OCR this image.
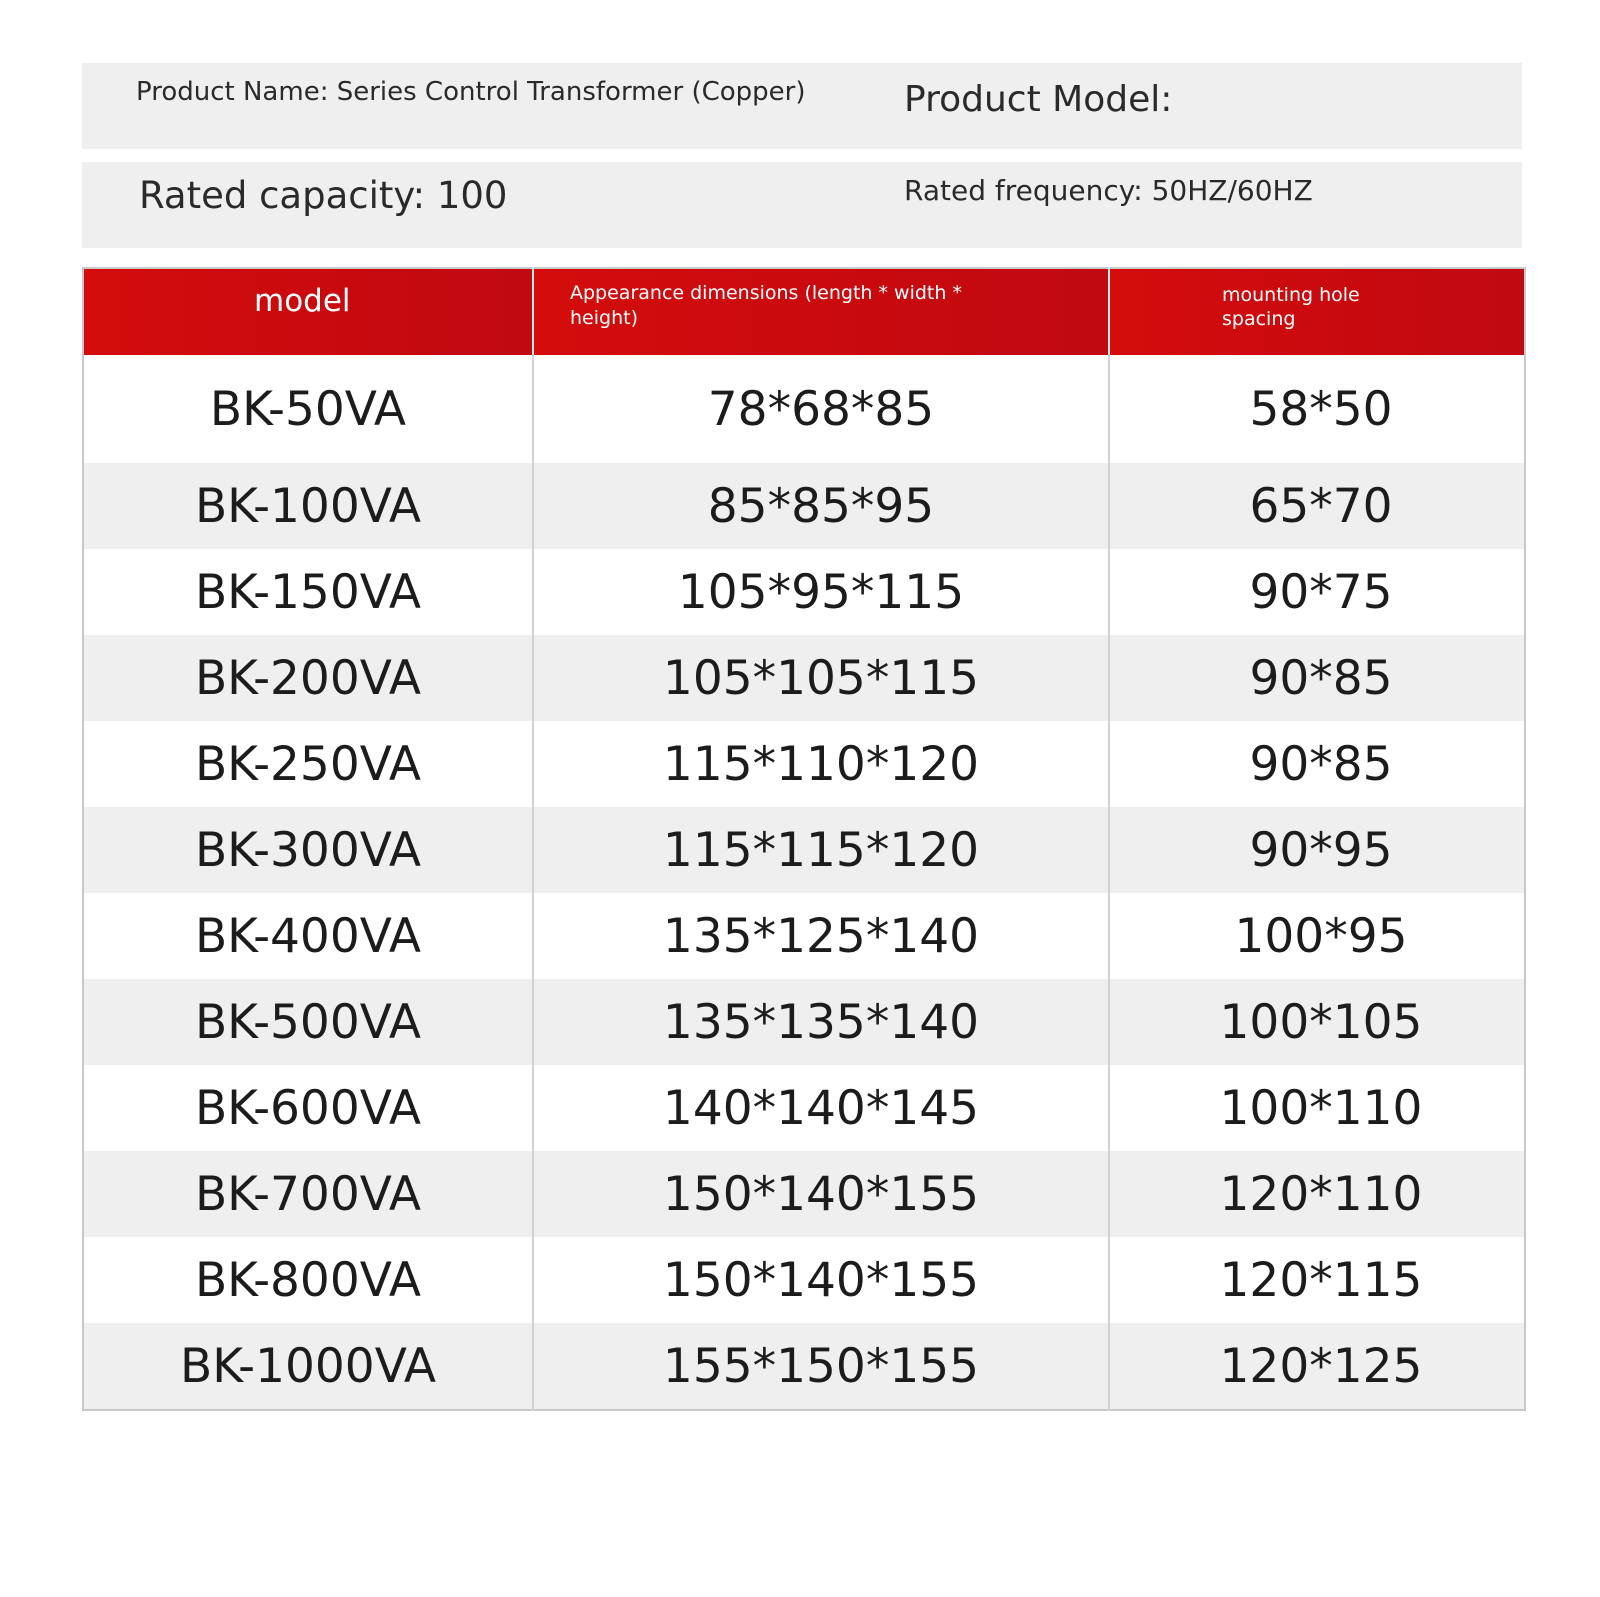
Product Name: Series Control Transformer (Copper)	Product Model:
Rated capacity: 100	Rated frequency: 50HZ/60HZ
model	Appearance dimensions (length * width * height)	mounting hole spacing

BK-50VA	78*68*85	58*50
BK-100VA	85*85*95	65*70
BK-150VA	105*95*115	90*75
BK-200VA	105*105*115	90*85
BK-250VA	115*110*120	90*85
BK-300VA	115*115*120	90*95
BK-400VA	135*125*140	100*95
BK-500VA	135*135*140	100*105
BK-600VA	140*140*145	100*110
BK-700VA	150*140*155	120*110
BK-800VA	150*140*155	120*115
BK-1000VA	155*150*155	120*125
